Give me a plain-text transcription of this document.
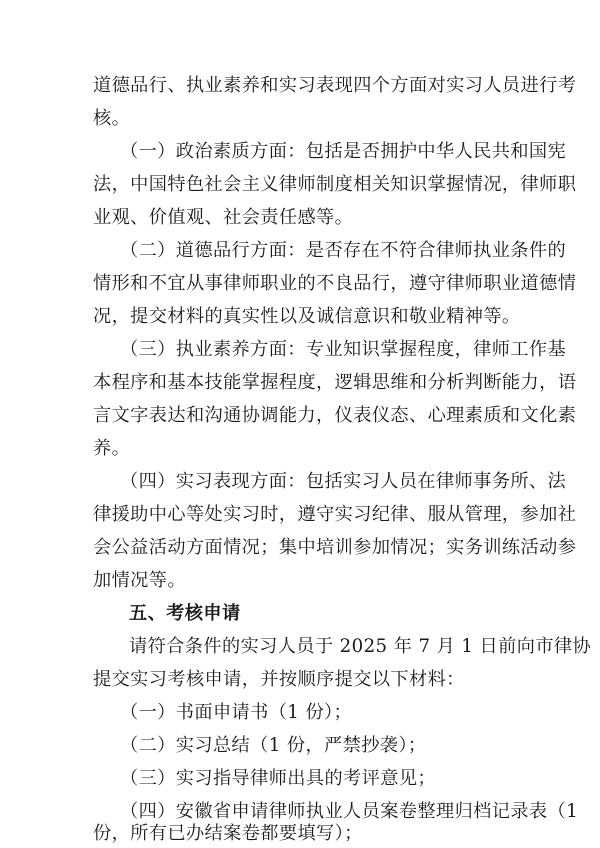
道德品行、执业素养和实习表现四个方面对实习人员进行考
核。
（一）政治素质方面：包括是否拥护中华人民共和国宪
法，中国特色社会主义律师制度相关知识掌握情况，律师职
业观、价值观、社会责任感等。
（二）道德品行方面：是否存在不符合律师执业条件的
情形和不宜从事律师职业的不良品行，遵守律师职业道德情
况，提交材料的真实性以及诚信意识和敬业精神等。
（三）执业素养方面：专业知识掌握程度，律师工作基
本程序和基本技能掌握程度，逻辑思维和分析判断能力，语
言文字表达和沟通协调能力，仪表仪态、心理素质和文化素
养。
（四）实习表现方面：包括实习人员在律师事务所、法
律援助中心等处实习时，遵守实习纪律、服从管理，参加社
会公益活动方面情况；集中培训参加情况；实务训练活动参
加情况等。
五、考核申请
请符合条件的实习人员于 2025 年 7 月 1 日前向市律协
提交实习考核申请，并按顺序提交以下材料：
（一）书面申请书（1 份）；
（二）实习总结（1 份，严禁抄袭）；
（三）实习指导律师出具的考评意见；
（四）安徽省申请律师执业人员案卷整理归档记录表（1
份，所有已办结案卷都要填写）；
